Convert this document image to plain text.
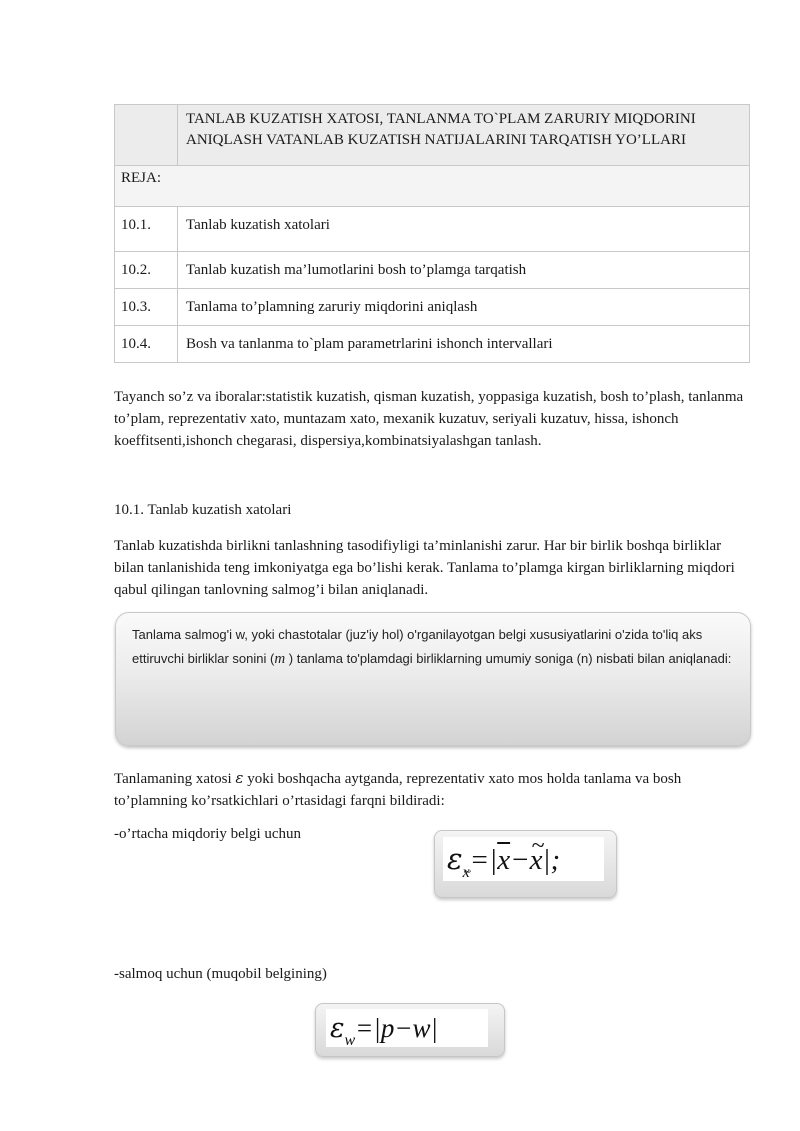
	TANLAB KUZATISH XATOSI, TANLANMA TO`PLAM ZARURIY MIQDORINI
ANIQLASH VATANLAB KUZATISH NATIJALARINI TARQATISH YO’LLARI

REJA:	
10.1.	Tanlab kuzatish xatolari
10.2.	Tanlab kuzatish ma’lumotlarini bosh to’plamga tarqatish
10.3.	Tanlama to’plamning zaruriy miqdorini aniqlash
10.4.	Bosh va tanlanma to`plam parametrlarini ishonch intervallari

Tayanch so’z va iboralar:statistik kuzatish, qisman kuzatish, yoppasiga kuzatish, bosh to’plash, tanlanma to’plam, reprezentativ xato, muntazam xato, mexanik kuzatuv, seriyali kuzatuv, hissa, ishonch koeffitsenti,ishonch chegarasi, dispersiya,kombinatsiyalashgan tanlash.

10.1. Tanlab kuzatish xatolari

Tanlab kuzatishda birlikni tanlashning tasodifiyligi ta’minlanishi zarur. Har bir birlik boshqa birliklar bilan tanlanishida teng imkoniyatga ega bo’lishi kerak. Tanlama to’plamga kirgan birliklarning miqdori qabul qilingan tanlovning salmog’i bilan aniqlanadi.

Tanlama salmog'i w, yoki chastotalar (juz'iy hol) o'rganilayotgan belgi xususiyatlarini o'zida to'liq aks ettiruvchi birliklar sonini (m ) tanlama to'plamdagi birliklarning umumiy soniga (n) nisbati bilan aniqlanadi:

Tanlamaning xatosi ε yoki boshqacha aytganda, reprezentativ xato mos holda tanlama va bosh to’plamning ko’rsatkichlari o’rtasidagi farqni bildiradi:

-o’rtacha miqdoriy belgi uchun

ε~ $_x=|\overline{x}-\sim$ x|;

-salmoq uchun (muqobil belgining)

$\varepsilon_w=|p-w|$
